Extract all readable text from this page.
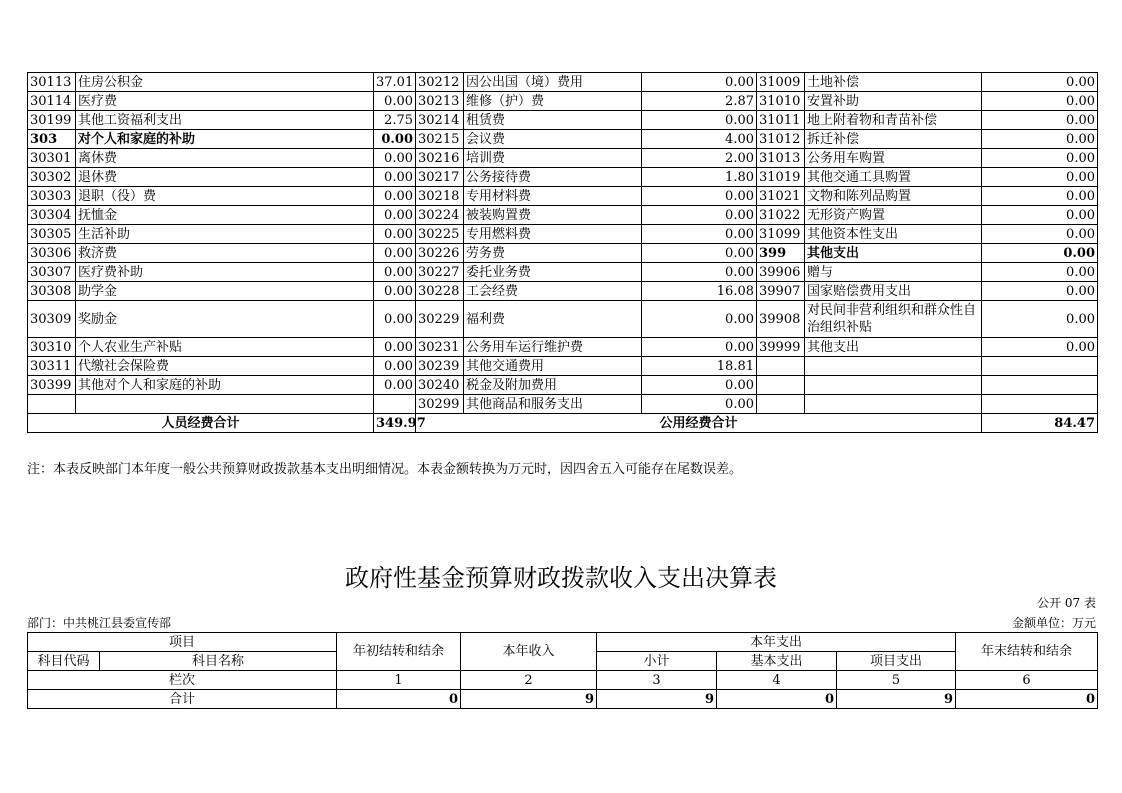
30113	住房公积金	37.01	30212	因公出国（境）费用	0.00	31009	土地补偿	0.00
30114	医疗费	0.00	30213	维修（护）费	2.87	31010	安置补助	0.00
30199	其他工资福利支出	2.75	30214	租赁费	0.00	31011	地上附着物和青苗补偿	0.00
303	对个人和家庭的补助	0.00	30215	会议费	4.00	31012	拆迁补偿	0.00
30301	离休费	0.00	30216	培训费	2.00	31013	公务用车购置	0.00
30302	退休费	0.00	30217	公务接待费	1.80	31019	其他交通工具购置	0.00
30303	退职（役）费	0.00	30218	专用材料费	0.00	31021	文物和陈列品购置	0.00
30304	抚恤金	0.00	30224	被装购置费	0.00	31022	无形资产购置	0.00
30305	生活补助	0.00	30225	专用燃料费	0.00	31099	其他资本性支出	0.00
30306	救济费	0.00	30226	劳务费	0.00	399	其他支出	0.00
30307	医疗费补助	0.00	30227	委托业务费	0.00	39906	赠与	0.00
30308	助学金	0.00	30228	工会经费	16.08	39907	国家赔偿费用支出	0.00
30309	奖励金	0.00	30229	福利费	0.00	39908	对民间非营利组织和群众性自治组织补贴	0.00
30310	个人农业生产补贴	0.00	30231	公务用车运行维护费	0.00	39999	其他支出	0.00
30311	代缴社会保险费	0.00	30239	其他交通费用	18.81			
30399	其他对个人和家庭的补助	0.00	30240	税金及附加费用	0.00			
			30299	其他商品和服务支出	0.00			
人员经费合计		349.97	公用经费合计					84.47
注：本表反映部门本年度一般公共预算财政拨款基本支出明细情况。本表金额转换为万元时，因四舍五入可能存在尾数误差。
政府性基金预算财政拨款收入支出决算表
公开 07 表
部门：中共桃江县委宣传部	金额单位：万元
项目		年初结转和结余	本年收入	本年支出			年末结转和结余
科目代码	科目名称			小计	基本支出	项目支出	
栏次		1	2	3	4	5	6
合计		0	9	9	0	9	0
